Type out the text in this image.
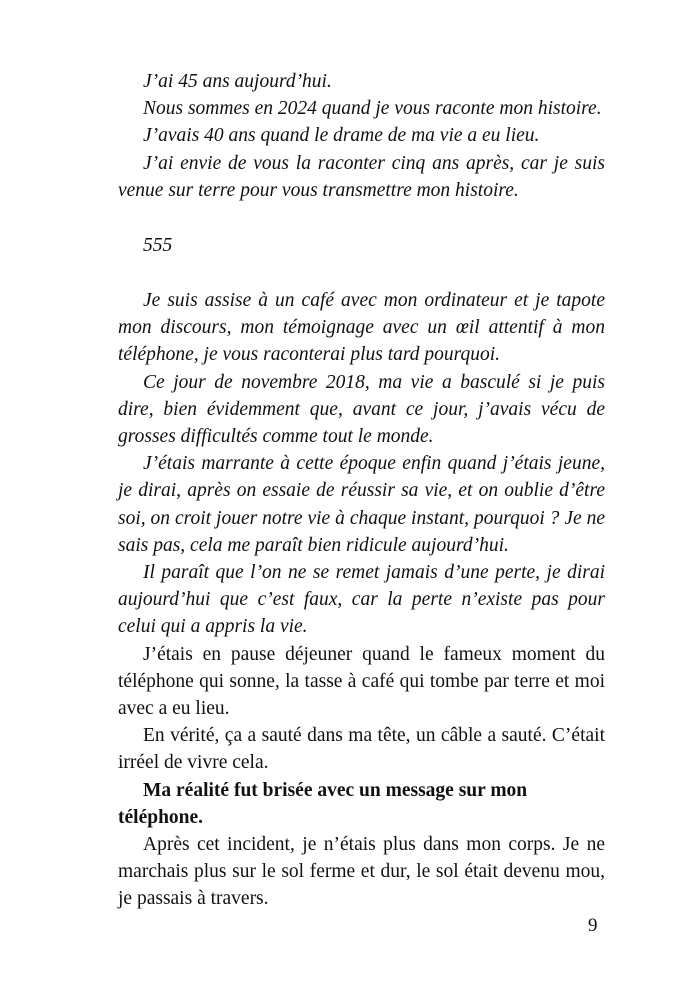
J’ai 45 ans aujourd’hui.

Nous sommes en 2024 quand je vous raconte mon histoire.

J’avais 40 ans quand le drame de ma vie a eu lieu.

J’ai envie de vous la raconter cinq ans après, car je suis venue sur terre pour vous transmettre mon histoire.

555

Je suis assise à un café avec mon ordinateur et je tapote mon discours, mon témoignage avec un œil attentif à mon téléphone, je vous raconterai plus tard pourquoi.

Ce jour de novembre 2018, ma vie a basculé si je puis dire, bien évidemment que, avant ce jour, j’avais vécu de grosses difficultés comme tout le monde.

J’étais marrante à cette époque enfin quand j’étais jeune, je dirai, après on essaie de réussir sa vie, et on oublie d’être soi, on croit jouer notre vie à chaque instant, pourquoi ? Je ne sais pas, cela me paraît bien ridicule aujourd’hui.

Il paraît que l’on ne se remet jamais d’une perte, je dirai aujourd’hui que c’est faux, car la perte n’existe pas pour celui qui a appris la vie.

J’étais en pause déjeuner quand le fameux moment du téléphone qui sonne, la tasse à café qui tombe par terre et moi avec a eu lieu.

En vérité, ça a sauté dans ma tête, un câble a sauté. C’était irréel de vivre cela.

Ma réalité fut brisée avec un message sur mon téléphone.

Après cet incident, je n’étais plus dans mon corps. Je ne marchais plus sur le sol ferme et dur, le sol était devenu mou, je passais à travers.

9
